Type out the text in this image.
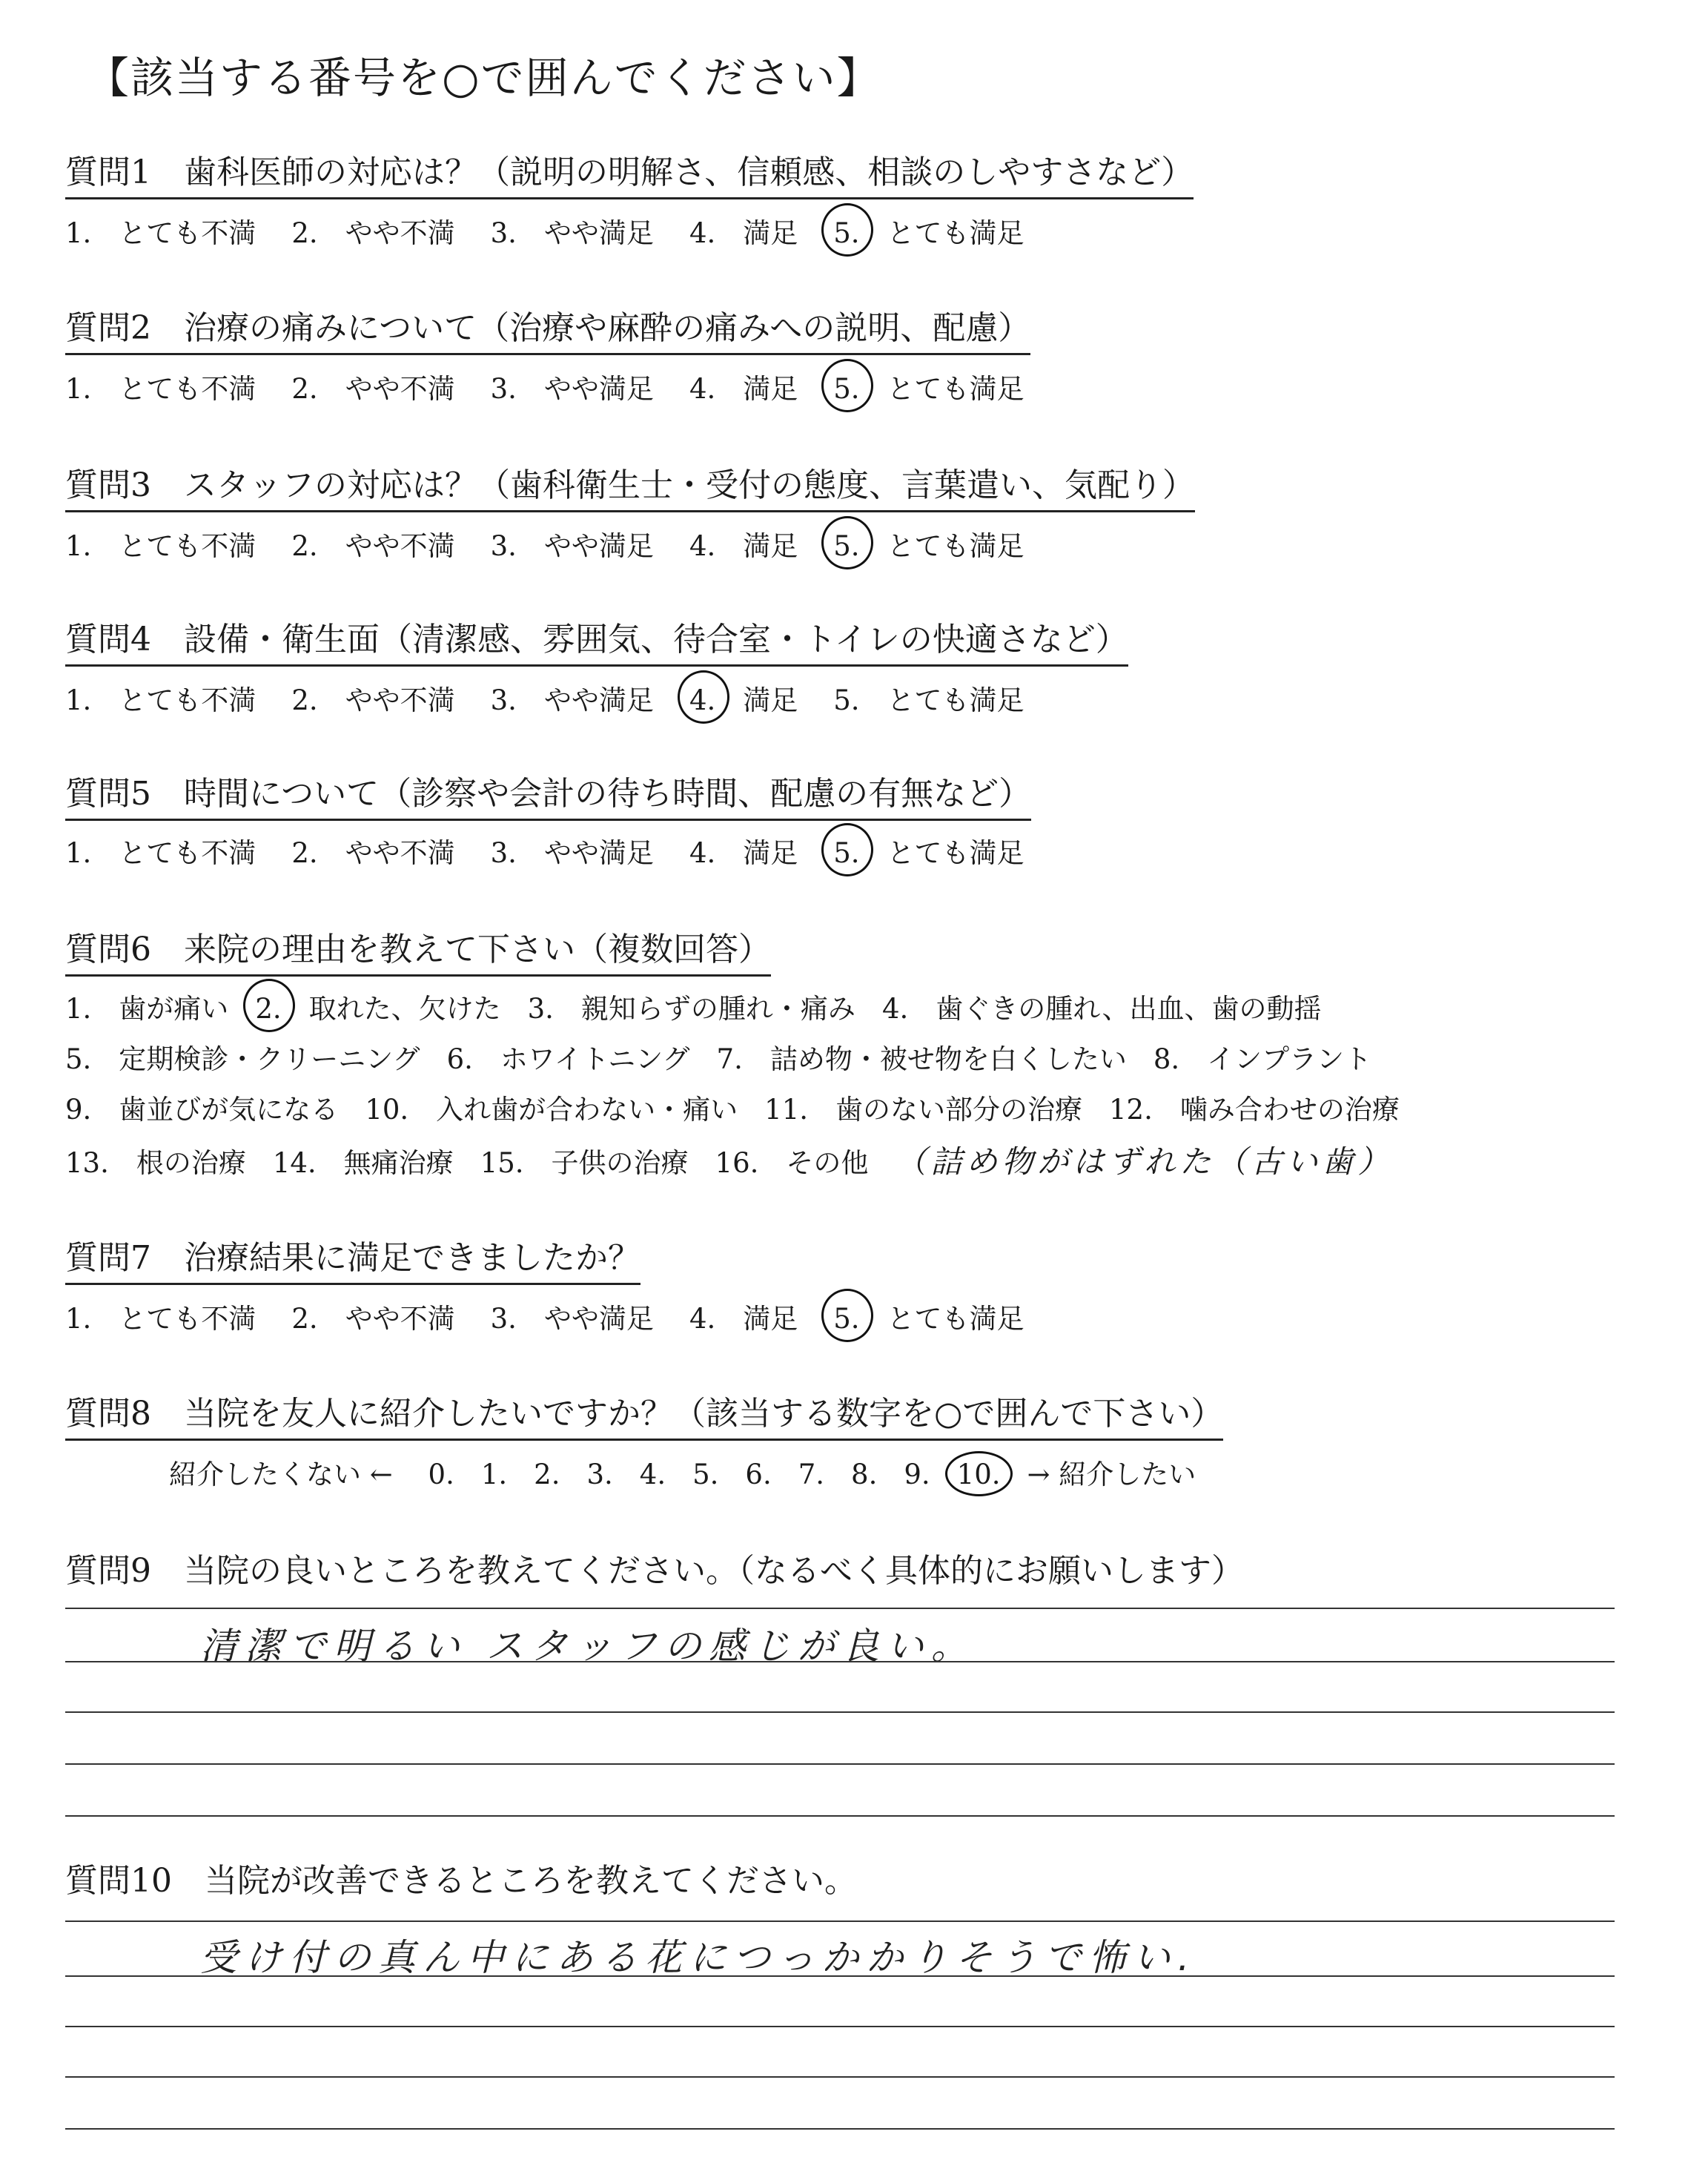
【該当する番号を○で囲んでください】
質問1　歯科医師の対応は？（説明の明解さ、信頼感、相談のしやすさなど）
1.　とても不満 2.　やや不満 3.　やや満足 4.　満足 5.　とても満足
質問2　治療の痛みについて（治療や麻酔の痛みへの説明、配慮）
1.　とても不満 2.　やや不満 3.　やや満足 4.　満足 5.　とても満足
質問3　スタッフの対応は？（歯科衛生士・受付の態度、言葉遣い、気配り）
1.　とても不満 2.　やや不満 3.　やや満足 4.　満足 5.　とても満足
質問4　設備・衛生面（清潔感、雰囲気、待合室・トイレの快適さなど）
1.　とても不満 2.　やや不満 3.　やや満足 4.　満足 5.　とても満足
質問5　時間について（診察や会計の待ち時間、配慮の有無など）
1.　とても不満 2.　やや不満 3.　やや満足 4.　満足 5.　とても満足
質問6　来院の理由を教えて下さい（複数回答）
1.　歯が痛い 2.　取れた、欠けた 3.　親知らずの腫れ・痛み 4.　歯ぐきの腫れ、出血、歯の動揺
5.　定期検診・クリーニング 6.　ホワイトニング 7.　詰め物・被せ物を白くしたい 8.　インプラント
9.　歯並びが気になる 10.　入れ歯が合わない・痛い 11.　歯のない部分の治療 12.　噛み合わせの治療
13.　根の治療 14.　無痛治療 15.　子供の治療 16.　その他 （詰め物がはずれた（古い歯）
質問7　治療結果に満足できましたか？
1.　とても不満 2.　やや不満 3.　やや満足 4.　満足 5.　とても満足
質問8　当院を友人に紹介したいですか？（該当する数字を○で囲んで下さい）
紹介したくない ← 0. 1. 2. 3. 4. 5. 6. 7. 8. 9. 10. → 紹介したい
質問9　当院の良いところを教えてください。（なるべく具体的にお願いします）
清潔で明るい スタッフの感じが良い。
質問10　当院が改善できるところを教えてください。
受け付の真ん中にある花につっかかりそうで怖い.
